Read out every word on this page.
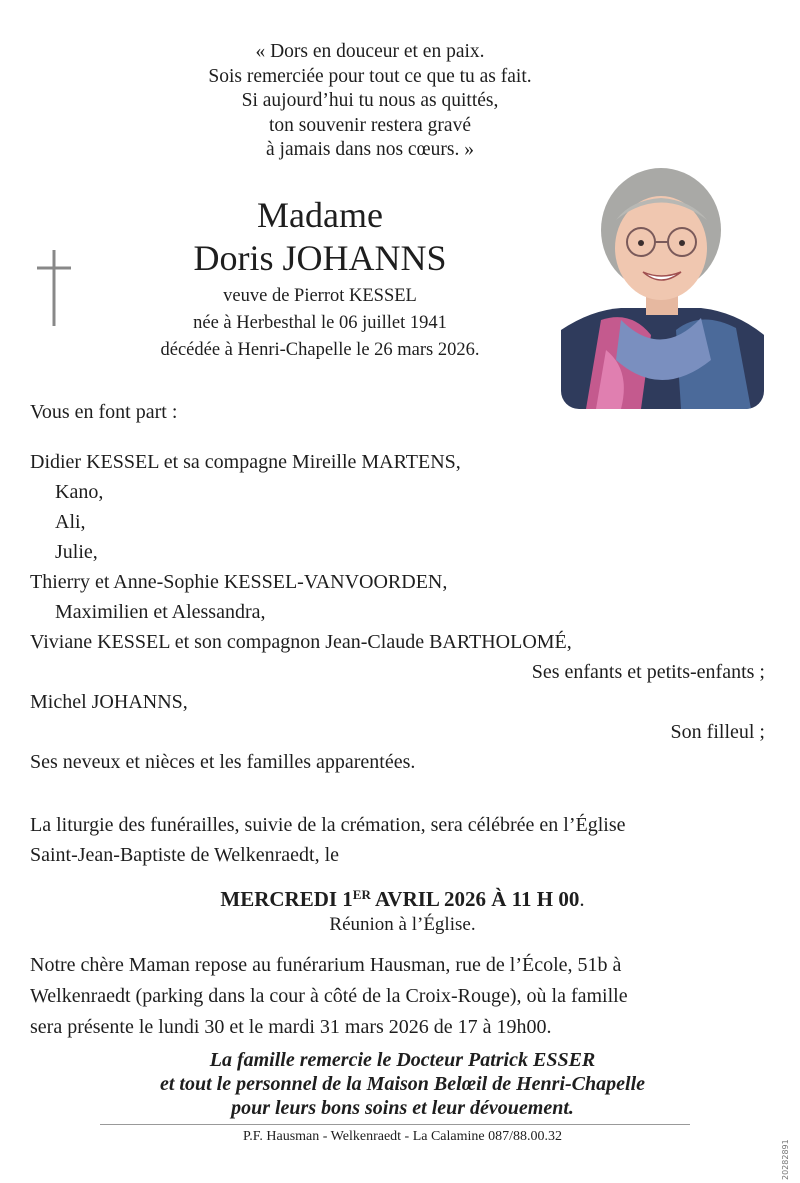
« Dors en douceur et en paix.
Sois remerciée pour tout ce que tu as fait.
Si aujourd’hui tu nous as quittés,
ton souvenir restera gravé
à jamais dans nos cœurs. »
Madame
Doris JOHANNS
veuve de Pierrot KESSEL
née à Herbesthal le 06 juillet 1941
décédée à Henri-Chapelle le 26 mars 2026.
Vous en font part :
Didier KESSEL et sa compagne Mireille MARTENS,
Kano,
Ali,
Julie,
Thierry et Anne-Sophie KESSEL-VANVOORDEN,
Maximilien et Alessandra,
Viviane KESSEL et son compagnon Jean-Claude BARTHOLOMÉ,
Ses enfants et petits-enfants ;
Michel JOHANNS,
Son filleul ;
Ses neveux et nièces et les familles apparentées.
La liturgie des funérailles, suivie de la crémation, sera célébrée en l’Église
Saint-Jean-Baptiste de Welkenraedt, le
MERCREDI 1ER AVRIL 2026 À 11 H 00.
Réunion à l’Église.
Notre chère Maman repose au funérarium Hausman, rue de l’École, 51b à
Welkenraedt (parking dans la cour à côté de la Croix-Rouge), où la famille
sera présente le lundi 30 et le mardi 31 mars 2026 de 17 à 19h00.
La famille remercie le Docteur Patrick ESSER
et tout le personnel de la Maison Belœil de Henri-Chapelle
pour leurs bons soins et leur dévouement.
P.F. Hausman - Welkenraedt - La Calamine 087/88.00.32
20282891
